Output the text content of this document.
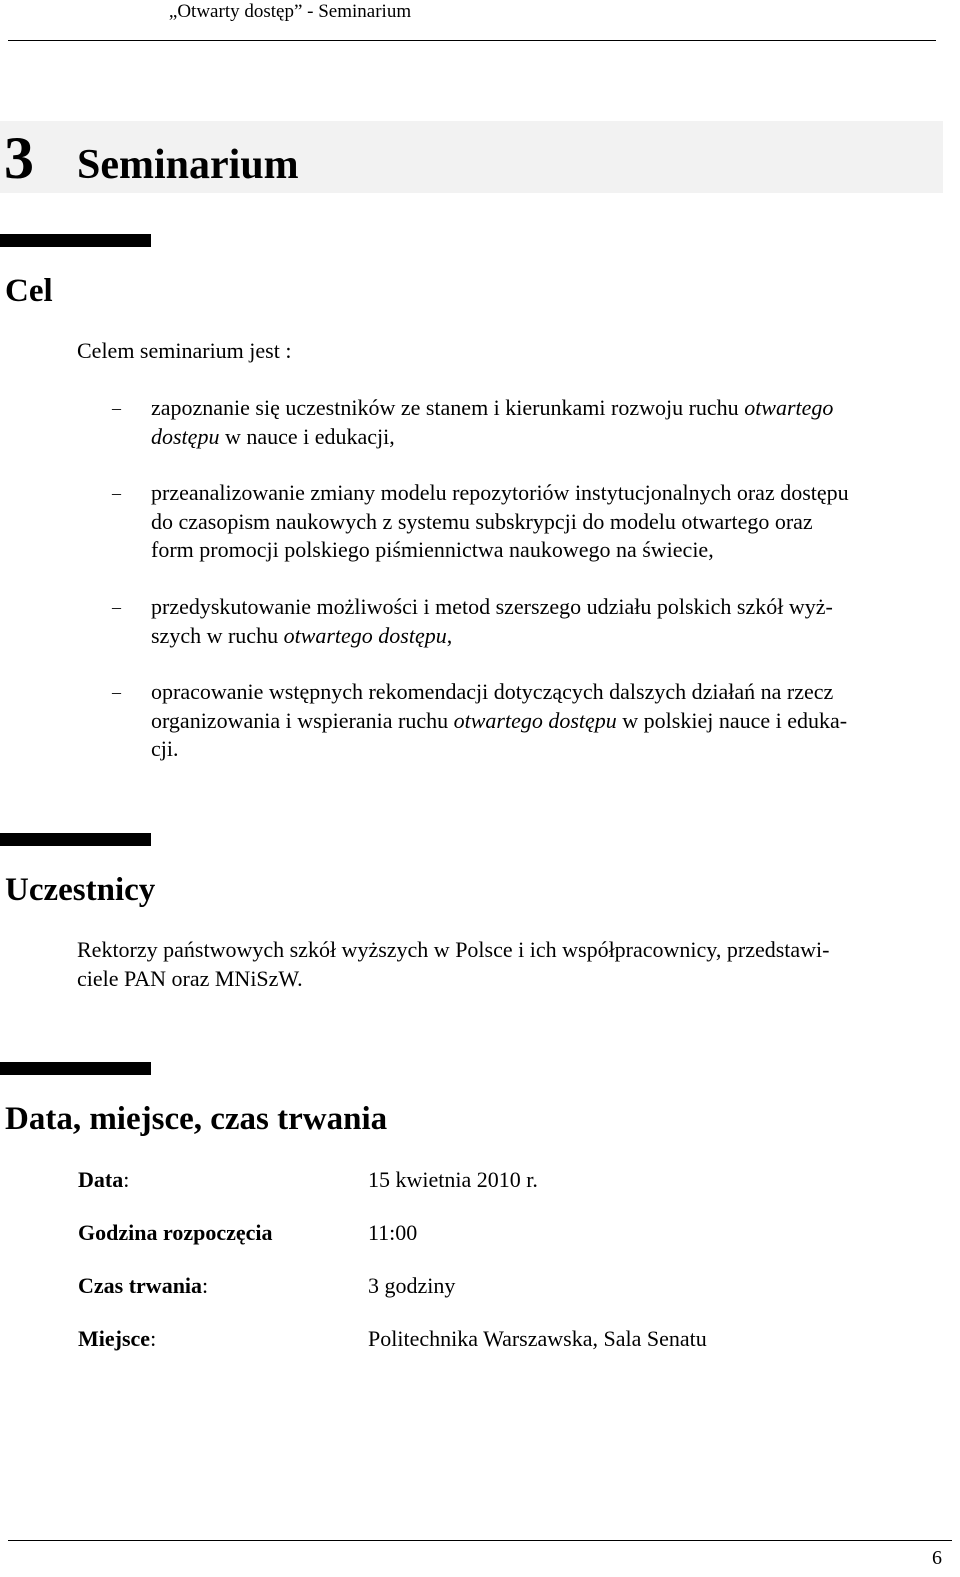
„Otwarty dostęp” - Seminarium
3 Seminarium
Cel
Celem seminarium jest :
– zapoznanie się uczestników ze stanem i kierunkami rozwoju ruchu otwartego
dostępu w nauce i edukacji,
– przeanalizowanie zmiany modelu repozytoriów instytucjonalnych oraz dostępu
do czasopism naukowych z systemu subskrypcji do modelu otwartego oraz
form promocji polskiego piśmiennictwa naukowego na świecie,
– przedyskutowanie możliwości i metod szerszego udziału polskich szkół wyż-
szych w ruchu otwartego dostępu,
– opracowanie wstępnych rekomendacji dotyczących dalszych działań na rzecz
organizowania i wspierania ruchu otwartego dostępu w polskiej nauce i eduka-
cji.
Uczestnicy
Rektorzy państwowych szkół wyższych w Polsce i ich współpracownicy, przedstawi-
ciele PAN oraz MNiSzW.
Data, miejsce, czas trwania
Data:	15 kwietnia 2010 r.
Godzina rozpoczęcia	11:00
Czas trwania:	3 godziny
Miejsce:	Politechnika Warszawska, Sala Senatu
6
